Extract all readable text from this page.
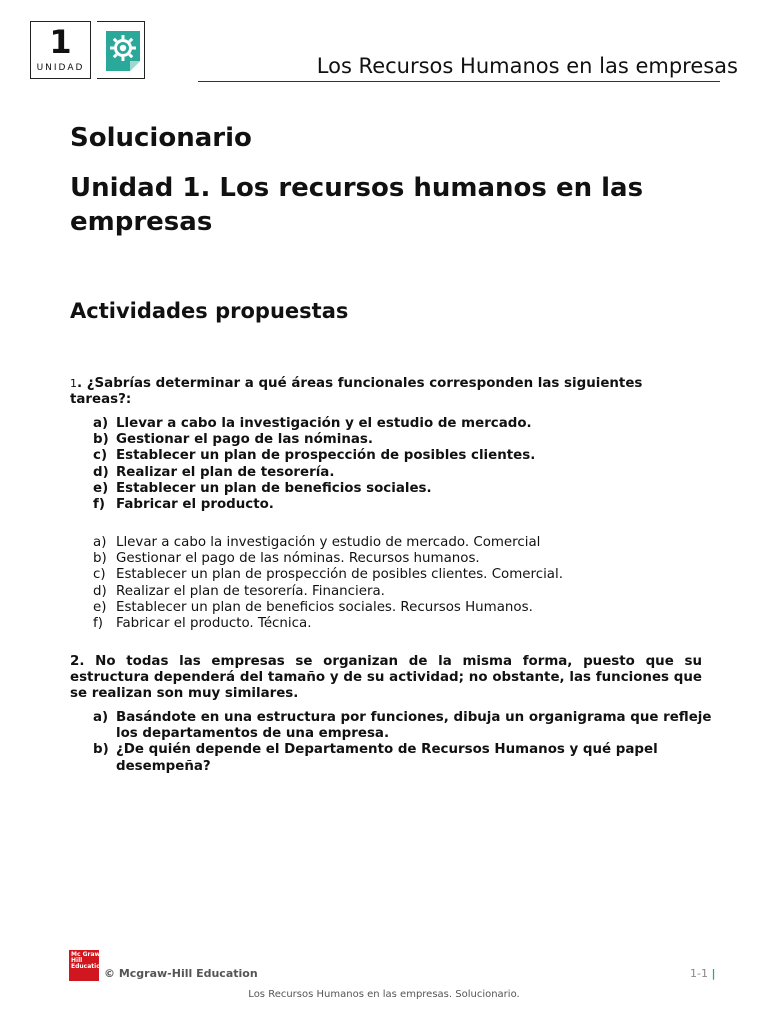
1
UNIDAD	Los Recursos Humanos en las empresas
Solucionario
Unidad 1. Los recursos humanos en las empresas
Actividades propuestas
1. ¿Sabrías determinar a qué áreas funcionales corresponden las siguientes tareas?:
a) Llevar a cabo la investigación y el estudio de mercado.
b) Gestionar el pago de las nóminas.
c) Establecer un plan de prospección de posibles clientes.
d) Realizar el plan de tesorería.
e) Establecer un plan de beneficios sociales.
f) Fabricar el producto.
a) Llevar a cabo la investigación y estudio de mercado. Comercial
b) Gestionar el pago de las nóminas. Recursos humanos.
c) Establecer un plan de prospección de posibles clientes. Comercial.
d) Realizar el plan de tesorería. Financiera.
e) Establecer un plan de beneficios sociales. Recursos Humanos.
f) Fabricar el producto. Técnica.
2. No todas las empresas se organizan de la misma forma, puesto que su estructura dependerá del tamaño y de su actividad; no obstante, las funciones que se realizan son muy similares.
a) Basándote en una estructura por funciones, dibuja un organigrama que refleje los departamentos de una empresa.
b) ¿De quién depende el Departamento de Recursos Humanos y qué papel desempeña?
Mc Graw Hill Education
© Mcgraw-Hill Education	1-1 |
Los Recursos Humanos en las empresas. Solucionario.
